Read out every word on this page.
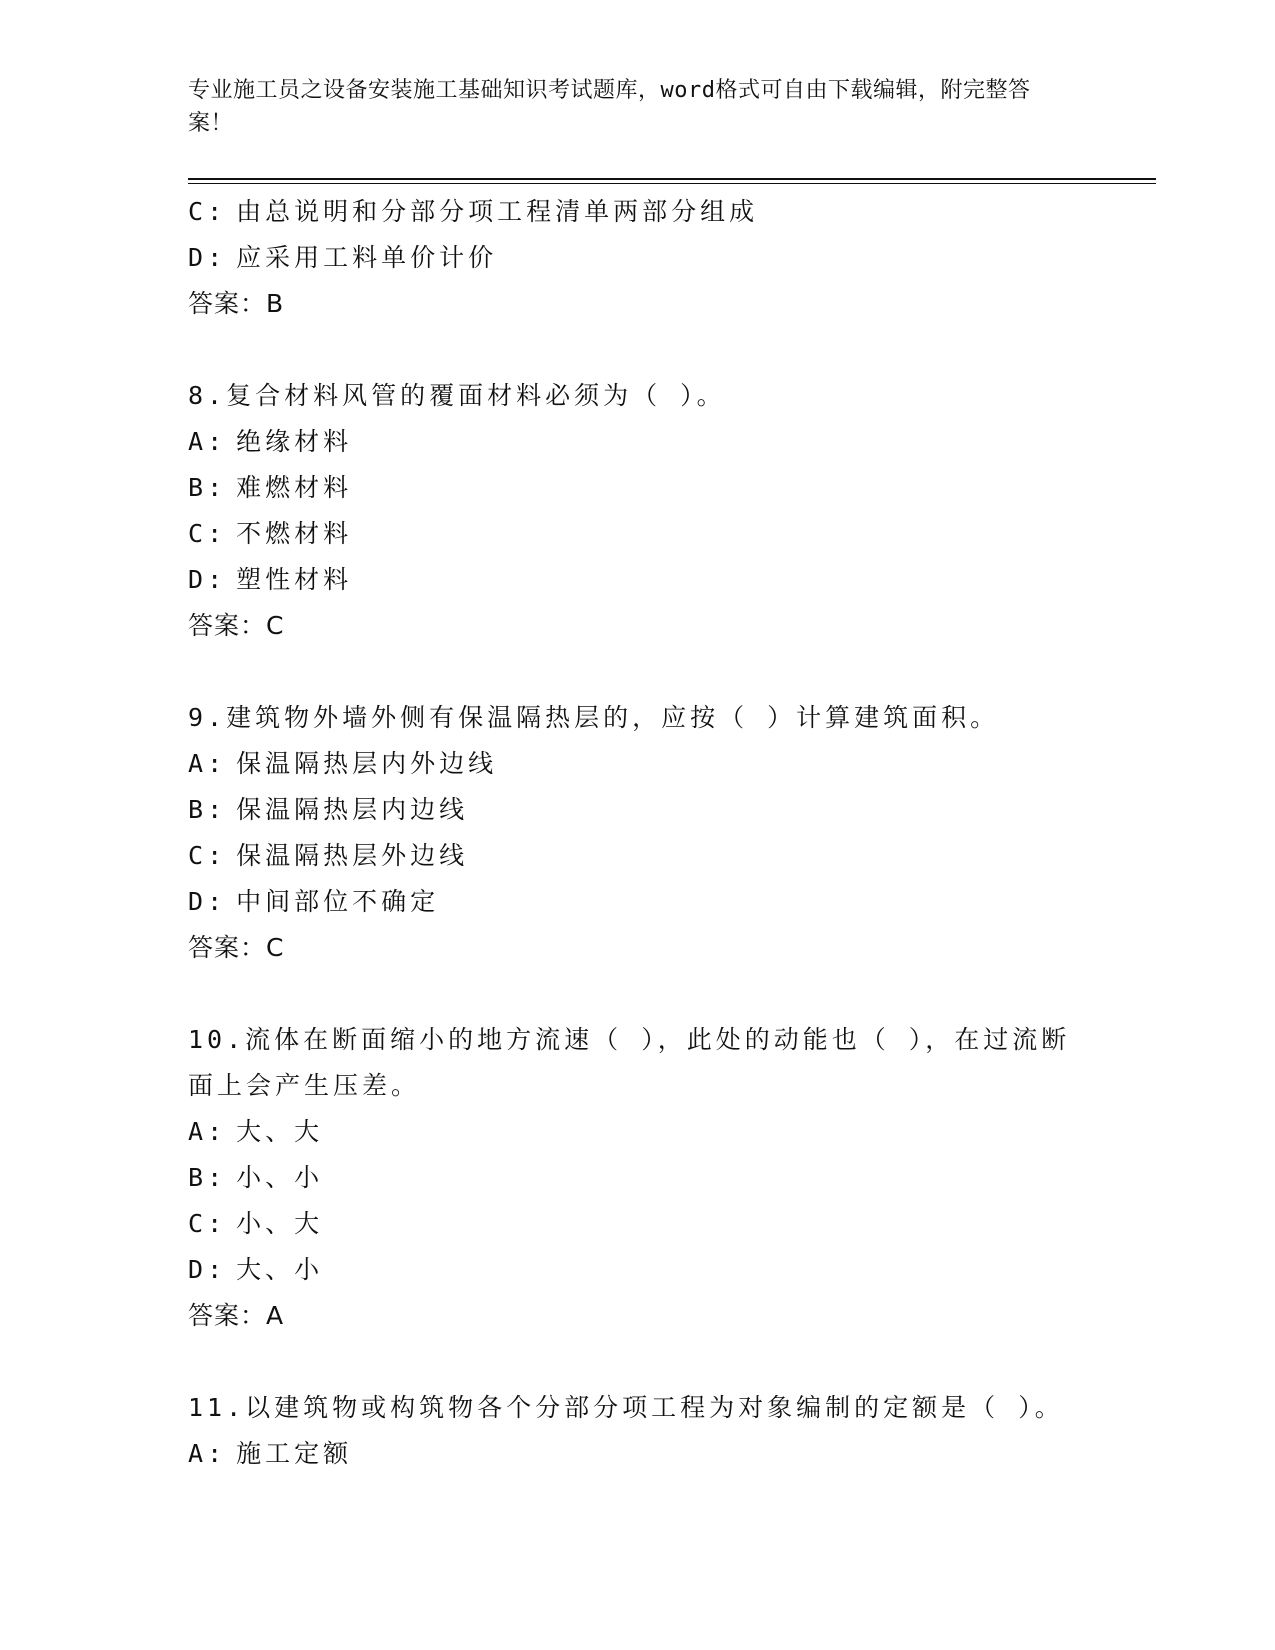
专业施工员之设备安装施工基础知识考试题库，word格式可自由下载编辑，附完整答案！
C: 由总说明和分部分项工程清单两部分组成
D: 应采用工料单价计价
答案：B
8.复合材料风管的覆面材料必须为（ ）。
A: 绝缘材料
B: 难燃材料
C: 不燃材料
D: 塑性材料
答案：C
9.建筑物外墙外侧有保温隔热层的，应按（ ）计算建筑面积。
A: 保温隔热层内外边线
B: 保温隔热层内边线
C: 保温隔热层外边线
D: 中间部位不确定
答案：C
10.流体在断面缩小的地方流速（ ），此处的动能也（ ），在过流断面上会产生压差。
A: 大、大
B: 小、小
C: 小、大
D: 大、小
答案：A
11.以建筑物或构筑物各个分部分项工程为对象编制的定额是（ ）。
A: 施工定额
